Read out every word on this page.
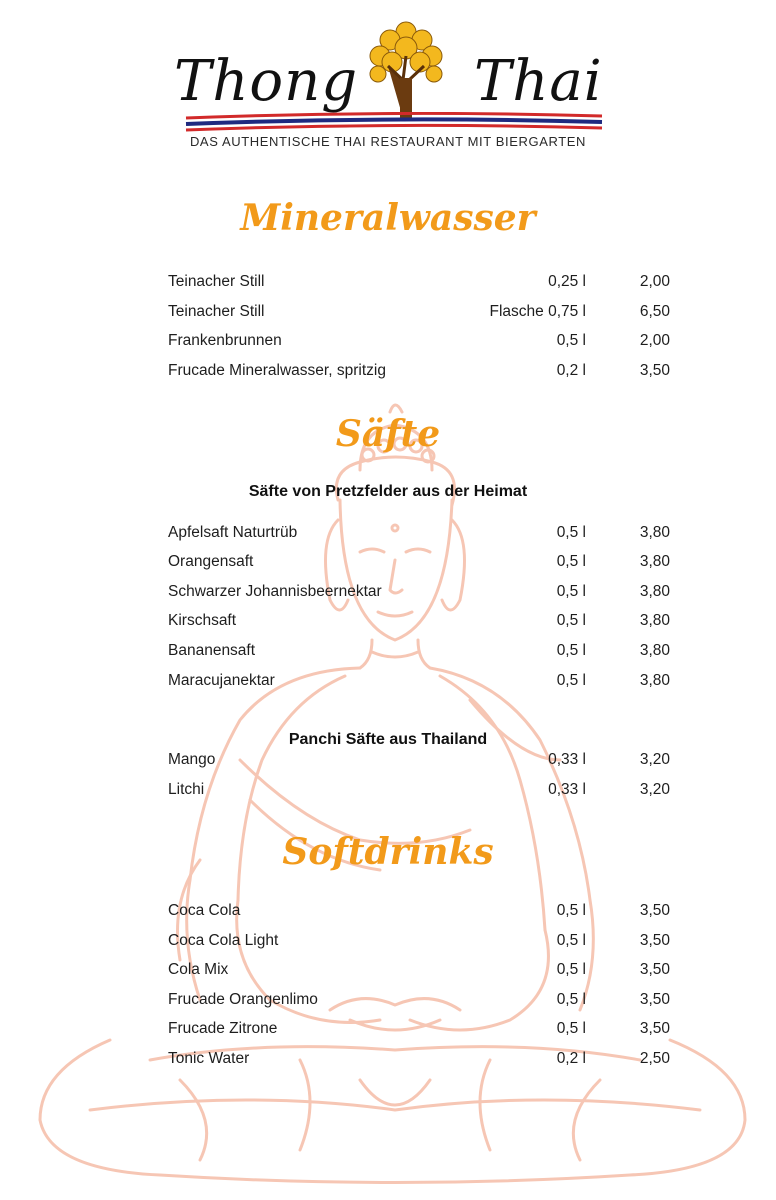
Thong Thai
DAS AUTHENTISCHE THAI RESTAURANT MIT BIERGARTEN
Mineralwasser
Teinacher Still	0,25 l	2,00
Teinacher Still	Flasche 0,75 l	6,50
Frankenbrunnen	0,5 l	2,00
Frucade Mineralwasser, spritzig	0,2 l	3,50
Säfte
Säfte von Pretzfelder aus der Heimat
Apfelsaft Naturtrüb	0,5 l	3,80
Orangensaft	0,5 l	3,80
Schwarzer Johannisbeernektar	0,5 l	3,80
Kirschsaft	0,5 l	3,80
Bananensaft	0,5 l	3,80
Maracujanektar	0,5 l	3,80
Panchi Säfte aus Thailand
Mango	0,33 l	3,20
Litchi	0,33 l	3,20
Softdrinks
Coca Cola	0,5 l	3,50
Coca Cola Light	0,5 l	3,50
Cola Mix	0,5 l	3,50
Frucade Orangenlimo	0,5 l	3,50
Frucade Zitrone	0,5 l	3,50
Tonic Water	0,2 l	2,50
